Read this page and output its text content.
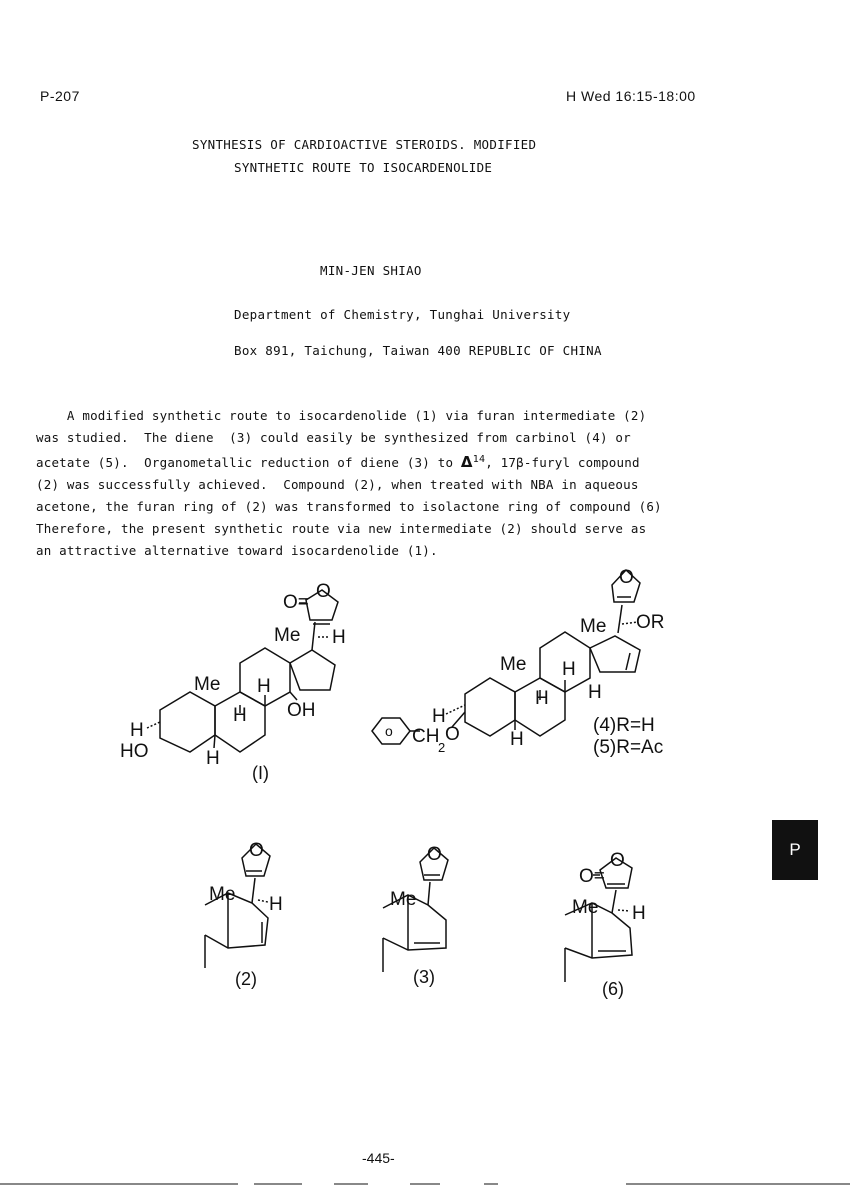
P-207	H Wed 16:15-18:00
SYNTHESIS OF CARDIOACTIVE STEROIDS. MODIFIED
SYNTHETIC ROUTE TO ISOCARDENOLIDE
MIN-JEN SHIAO
Department of Chemistry, Tunghai University
Box 891, Taichung, Taiwan 400 REPUBLIC OF CHINA
A modified synthetic route to isocardenolide (1) via furan intermediate (2)
was studied.  The diene  (3) could easily be synthesized from carbinol (4) or
acetate (5).  Organometallic reduction of diene (3) to $\Delta^{14}$, 17β-furyl compound
(2) was successfully achieved.  Compound (2), when treated with NBA in aqueous
acetone, the furan ring of (2) was transformed to isolactone ring of compound (6)
Therefore, the present synthetic route via new intermediate (2) should serve as
an attractive alternative toward isocardenolide (1).
O=
O
Me H
Me H
H OH
H
HO	H
(I)
O
Me OR
Me H
H H
H
H
o CH
2
O	(4)R=H
(5)R=Ac
O
Me H
(2)
O
Me
(3)
O=
O
Me H
(6)
P
-445-
